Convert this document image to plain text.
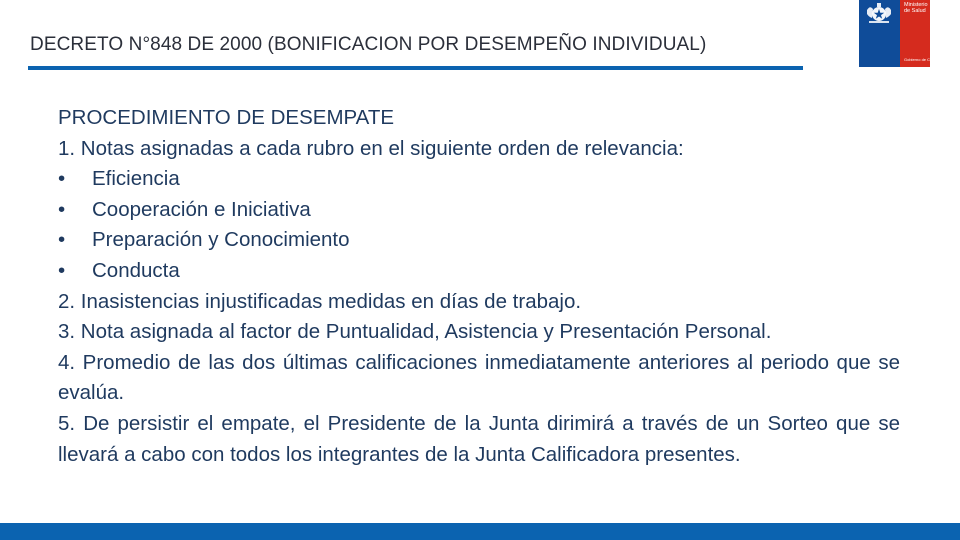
DECRETO N°848 DE 2000 (BONIFICACION POR DESEMPEÑO INDIVIDUAL)
Ministerio de Salud
Gobierno de Chile

PROCEDIMIENTO DE DESEMPATE

1. Notas asignadas a cada rubro en el siguiente orden de relevancia:

• Eficiencia

• Cooperación e Iniciativa

• Preparación y Conocimiento

• Conducta

2. Inasistencias injustificadas medidas en días de trabajo.

3. Nota asignada al factor de Puntualidad, Asistencia y Presentación Personal.

4. Promedio de las dos últimas calificaciones inmediatamente anteriores al periodo que se evalúa.

5. De persistir el empate, el Presidente de la Junta dirimirá a través de un Sorteo que se llevará a cabo con todos los integrantes de la Junta Calificadora presentes.
